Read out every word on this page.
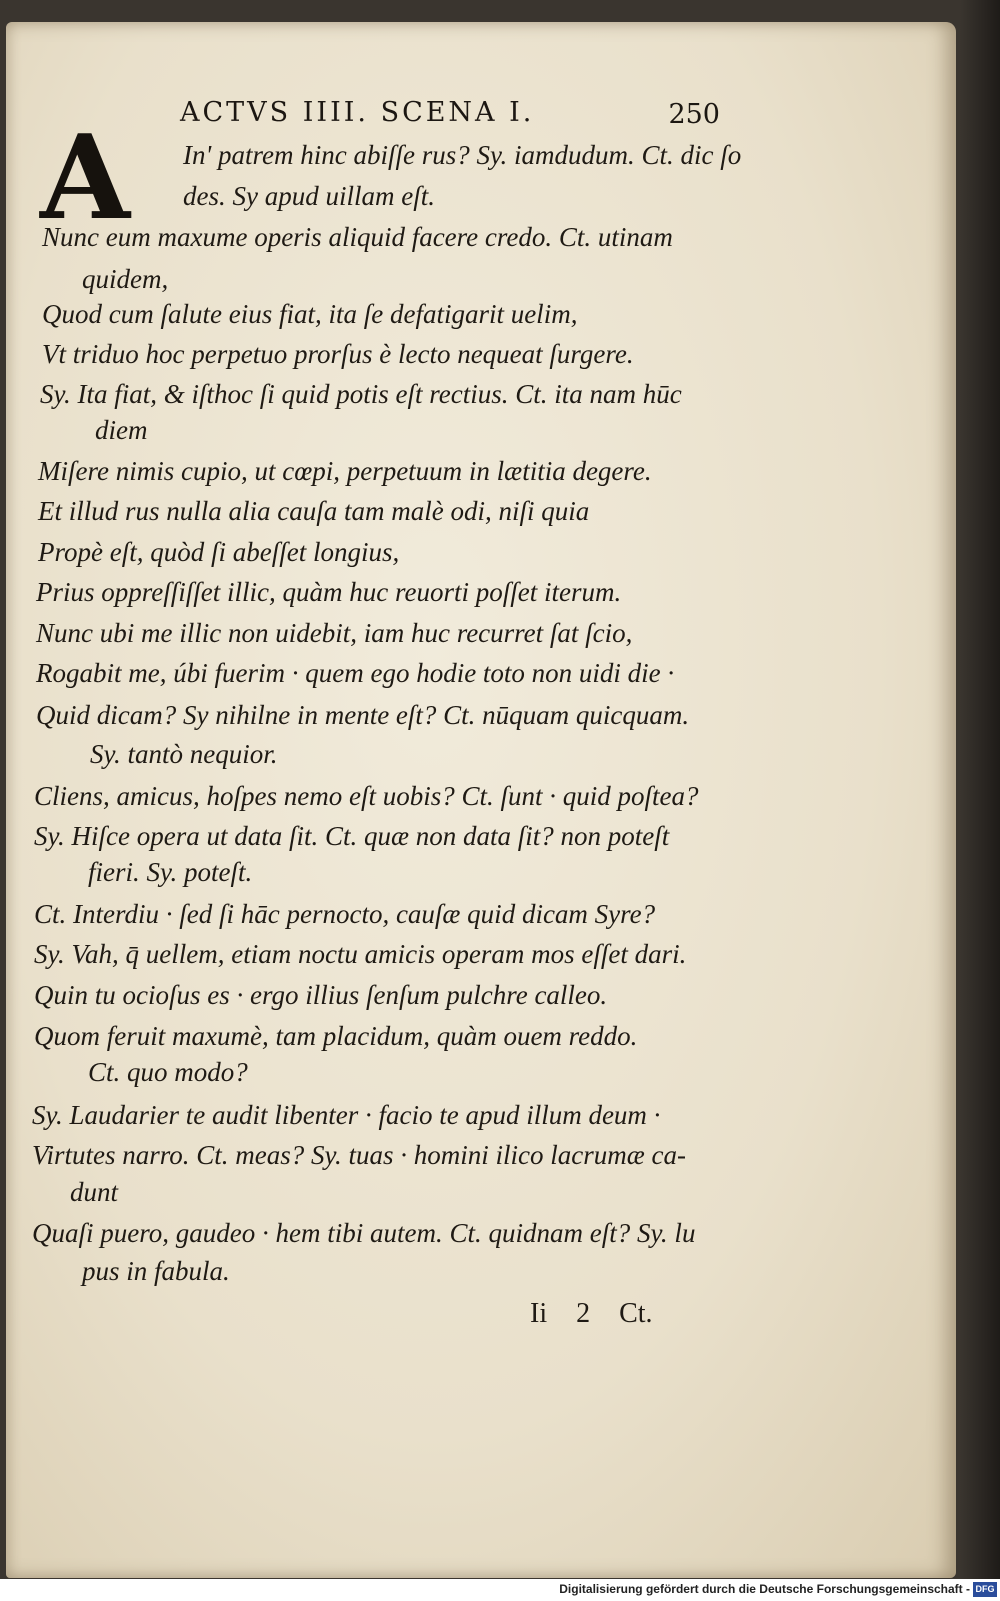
ACTVS IIII. SCENA I.	250
A In' patrem hinc abiſſe rus? Sy. iamdudum. Ct. dic ſo
des. Sy apud uillam eſt.
Nunc eum maxume operis aliquid facere credo. Ct. utinam
quidem,
Quod cum ſalute eius fiat, ita ſe defatigarit uelim,
Vt triduo hoc perpetuo prorſus è lecto nequeat ſurgere.
Sy. Ita fiat, & iſthoc ſi quid potis eſt rectius. Ct. ita nam hūc
diem
Miſere nimis cupio, ut cœpi, perpetuum in lætitia degere.
Et illud rus nulla alia cauſa tam malè odi, niſi quia
Propè eſt, quòd ſi abeſſet longius,
Prius oppreſſiſſet illic, quàm huc reuorti poſſet iterum.
Nunc ubi me illic non uidebit, iam huc recurret ſat ſcio,
Rogabit me, úbi fuerim · quem ego hodie toto non uidi die ·
Quid dicam? Sy nihilne in mente eſt? Ct. nūquam quicquam.
Sy. tantò nequior.
Cliens, amicus, hoſpes nemo eſt uobis? Ct. ſunt · quid poſtea?
Sy. Hiſce opera ut data ſit. Ct. quæ non data ſit? non poteſt
fieri. Sy. poteſt.
Ct. Interdiu · ſed ſi hāc pernocto, cauſæ quid dicam Syre?
Sy. Vah, q̄ uellem, etiam noctu amicis operam mos eſſet dari.
Quin tu ocioſus es · ergo illius ſenſum pulchre calleo.
Quom feruit maxumè, tam placidum, quàm ouem reddo.
Ct. quo modo?
Sy. Laudarier te audit libenter · facio te apud illum deum ·
Virtutes narro. Ct. meas? Sy. tuas · homini ilico lacrumæ ca-
dunt
Quaſi puero, gaudeo · hem tibi autem. Ct. quidnam eſt? Sy. lu
pus in fabula.
Ii 2 Ct.
Digitalisierung gefördert durch die Deutsche Forschungsgemeinschaft - DFG
